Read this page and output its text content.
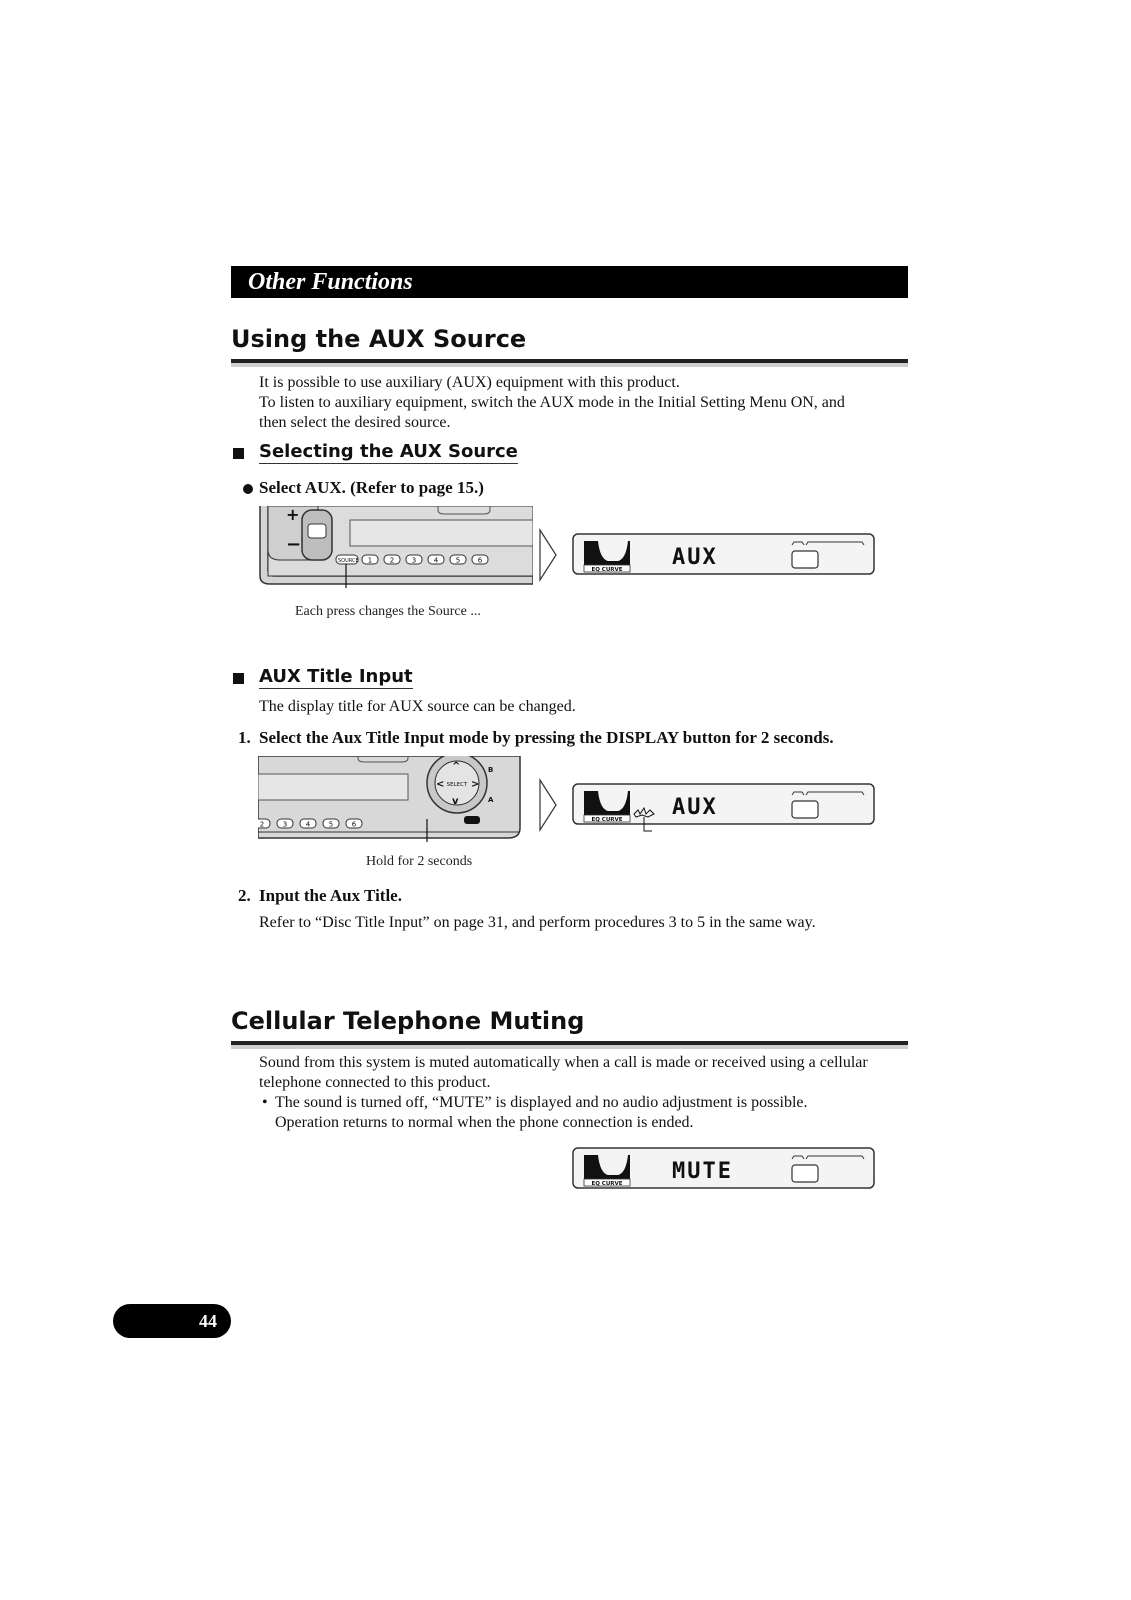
Other Functions
Using the AUX Source
It is possible to use auxiliary (AUX) equipment with this product.
To listen to auxiliary equipment, switch the AUX mode in the Initial Setting Menu ON, and
then select the desired source.
Selecting the AUX Source
Select AUX. (Refer to page 15.)
+
−
SOURCE 1	2	3	4	5	6
Each press changes the Source ...
EQ CURVE AUX
AUX Title Input
The display title for AUX source can be changed.
1. Select the Aux Title Input mode by pressing the DISPLAY button for 2 seconds.
SELECT
^
v
<	>
B
A
2	3	4	5	6
Hold for 2 seconds
EQ CURVE AUX
2. Input the Aux Title.
Refer to “Disc Title Input” on page 31, and perform procedures 3 to 5 in the same way.
Cellular Telephone Muting
Sound from this system is muted automatically when a call is made or received using a cellular
telephone connected to this product.
• The sound is turned off, “MUTE” is displayed and no audio adjustment is possible.
Operation returns to normal when the phone connection is ended.
EQ CURVE MUTE
44
